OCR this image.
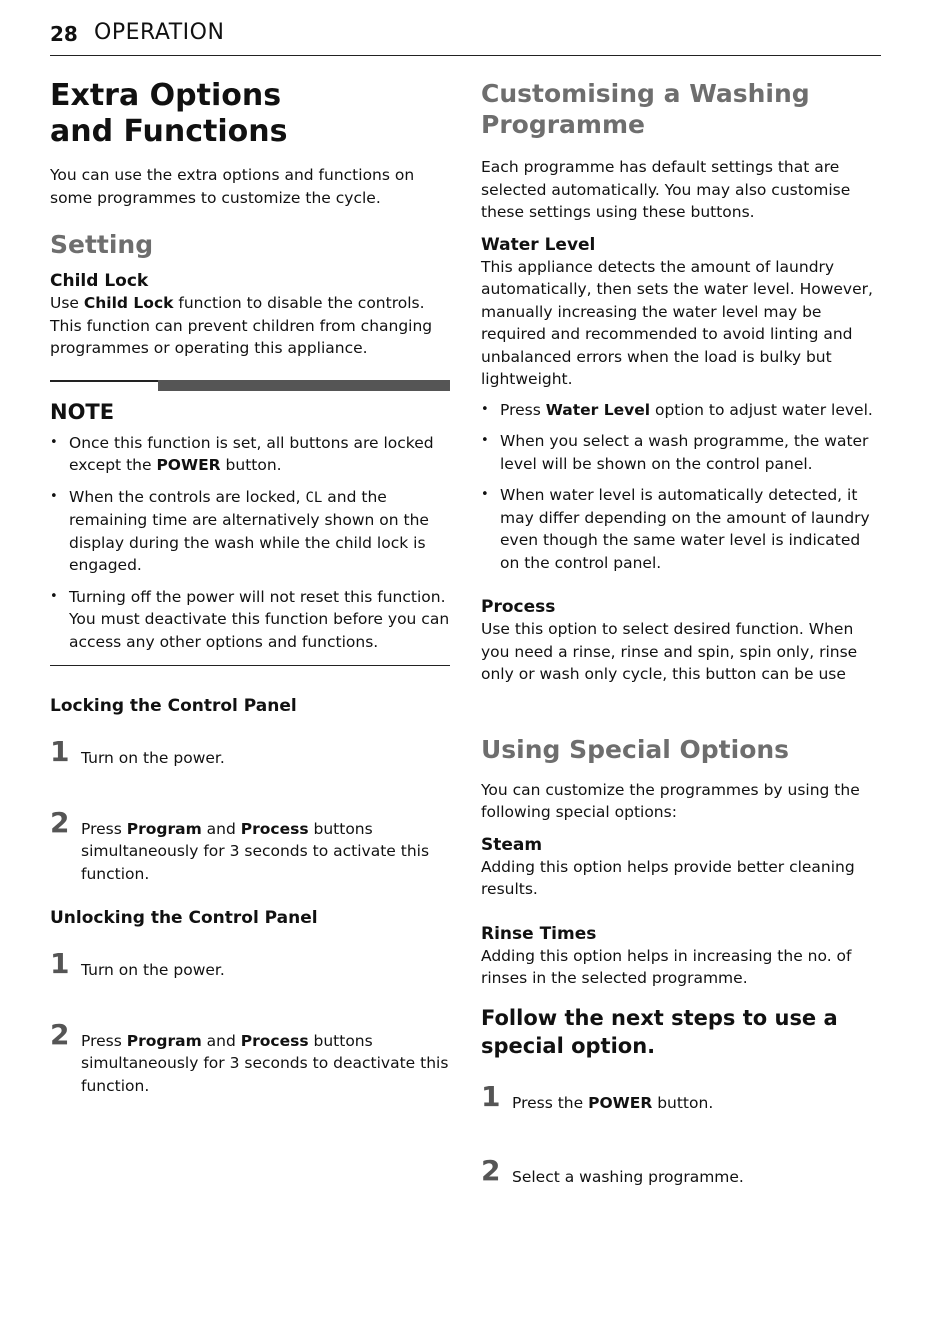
28 OPERATION
Extra Options and Functions

You can use the extra options and functions on some programmes to customize the cycle.

Setting
Child Lock

Use Child Lock function to disable the controls. This function can prevent children from changing programmes or operating this appliance.

NOTE
• Once this function is set, all buttons are locked except the POWER button.
• When the controls are locked, CL and the remaining time are alternatively shown on the display during the wash while the child lock is engaged.
• Turning off the power will not reset this function. You must deactivate this function before you can access any other options and functions.
Locking the Control Panel
1 Turn on the power.
2 Press Program and Process buttons simultaneously for 3 seconds to activate this function.
Unlocking the Control Panel
1 Turn on the power.
2 Press Program and Process buttons simultaneously for 3 seconds to deactivate this function.
Customising a Washing Programme

Each programme has default settings that are selected automatically. You may also customise these settings using these buttons.

Water Level

This appliance detects the amount of laundry automatically, then sets the water level. However, manually increasing the water level may be required and recommended to avoid linting and unbalanced errors when the load is bulky but lightweight.

• Press Water Level option to adjust water level.
• When you select a wash programme, the water level will be shown on the control panel.
• When water level is automatically detected, it may differ depending on the amount of laundry even though the same water level is indicated on the control panel.
Process

Use this option to select desired function. When you need a rinse, rinse and spin, spin only, rinse only or wash only cycle, this button can be use

Using Special Options

You can customize the programmes by using the following special options:

Steam

Adding this option helps provide better cleaning results.

Rinse Times

Adding this option helps in increasing the no. of rinses in the selected programme.

Follow the next steps to use a special option.
1 Press the POWER button.
2 Select a washing programme.
